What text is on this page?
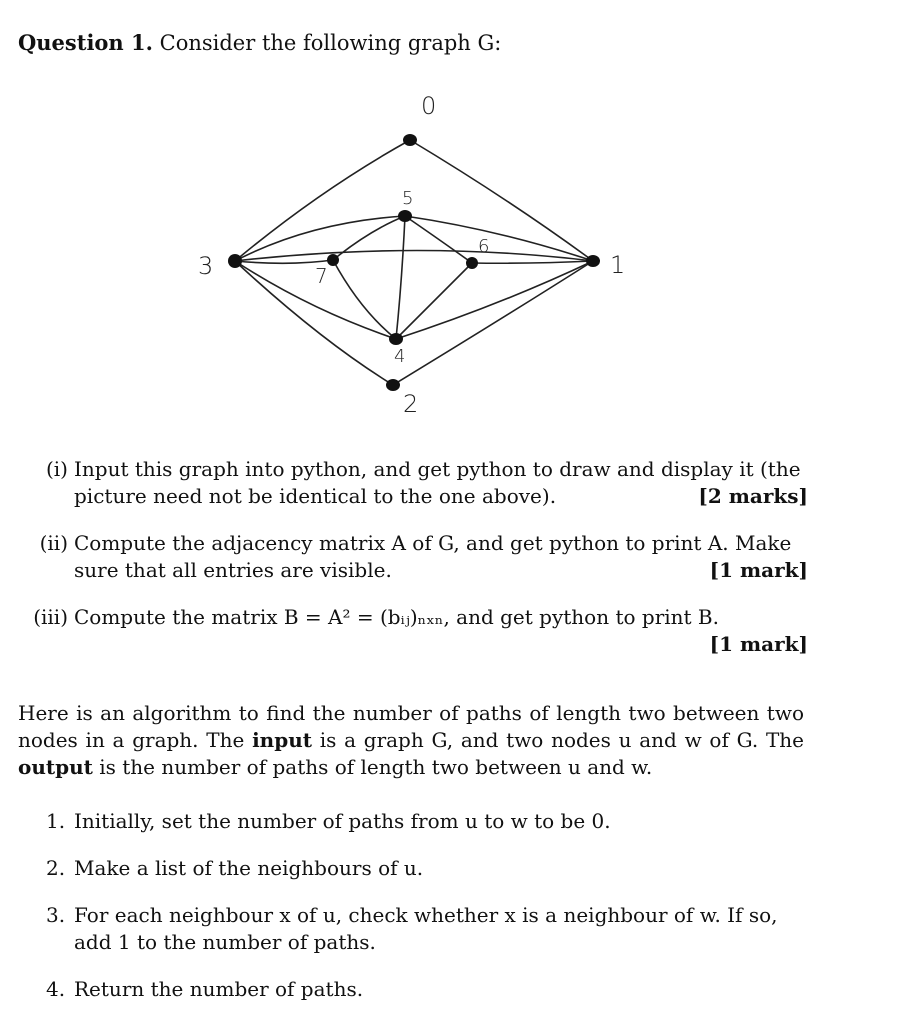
Question 1. Consider the following graph G:
0
5
3	7
6
1
4
2
(i) Input this graph into python, and get python to draw and display it (the
[2 marks]
picture need not be identical to the one above).
(ii) Compute the adjacency matrix A of G, and get python to print A. Make
[1 mark]
sure that all entries are visible.
(iii) Compute the matrix B = A² = (bᵢⱼ)ₙₓₙ, and get python to print B.
[1 mark]
Here is an algorithm to find the number of paths of length two between two nodes in a graph. The input is a graph G, and two nodes u and w of G. The output is the number of paths of length two between u and w.
1. Initially, set the number of paths from u to w to be 0.
2. Make a list of the neighbours of u.
3. For each neighbour x of u, check whether x is a neighbour of w. If so, add 1 to the number of paths.
4. Return the number of paths.
